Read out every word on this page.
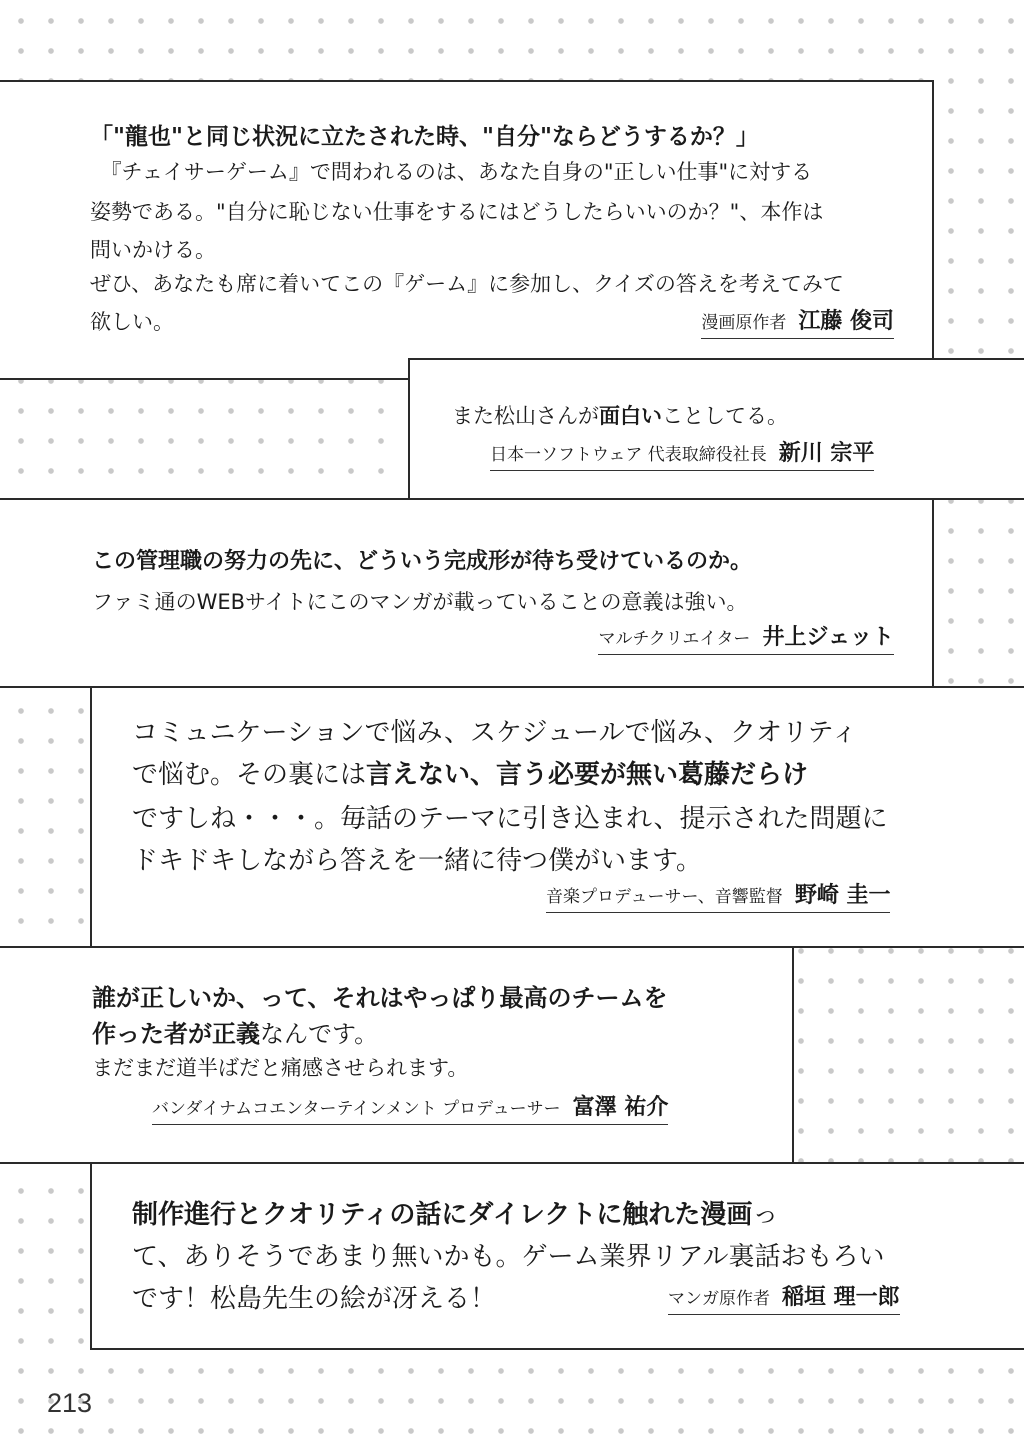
「"龍也"と同じ状況に立たされた時、"自分"ならどうするか？」
　『チェイサーゲーム』で問われるのは、あなた自身の"正しい仕事"に対する
姿勢である。"自分に恥じない仕事をするにはどうしたらいいのか？"、本作は
問いかける。
ぜひ、あなたも席に着いてこの『ゲーム』に参加し、クイズの答えを考えてみて
欲しい。	漫画原作者 江藤 俊司
また松山さんが面白いことしてる。
日本一ソフトウェア 代表取締役社長 新川 宗平
この管理職の努力の先に、どういう完成形が待ち受けているのか。
ファミ通のWEBサイトにこのマンガが載っていることの意義は強い。
マルチクリエイター 井上ジェット
コミュニケーションで悩み、スケジュールで悩み、クオリティ
で悩む。その裏には言えない、言う必要が無い葛藤だらけ
ですしね・・・。毎話のテーマに引き込まれ、提示された問題に
ドキドキしながら答えを一緒に待つ僕がいます。
音楽プロデューサー、音響監督 野崎 圭一
誰が正しいか、って、それはやっぱり最高のチームを
作った者が正義なんです。
まだまだ道半ばだと痛感させられます。
バンダイナムコエンターテインメント プロデューサー 富澤 祐介
制作進行とクオリティの話にダイレクトに触れた漫画っ
て、ありそうであまり無いかも。ゲーム業界リアル裏話おもろい
です！松島先生の絵が冴える！	マンガ原作者 稲垣 理一郎
213
